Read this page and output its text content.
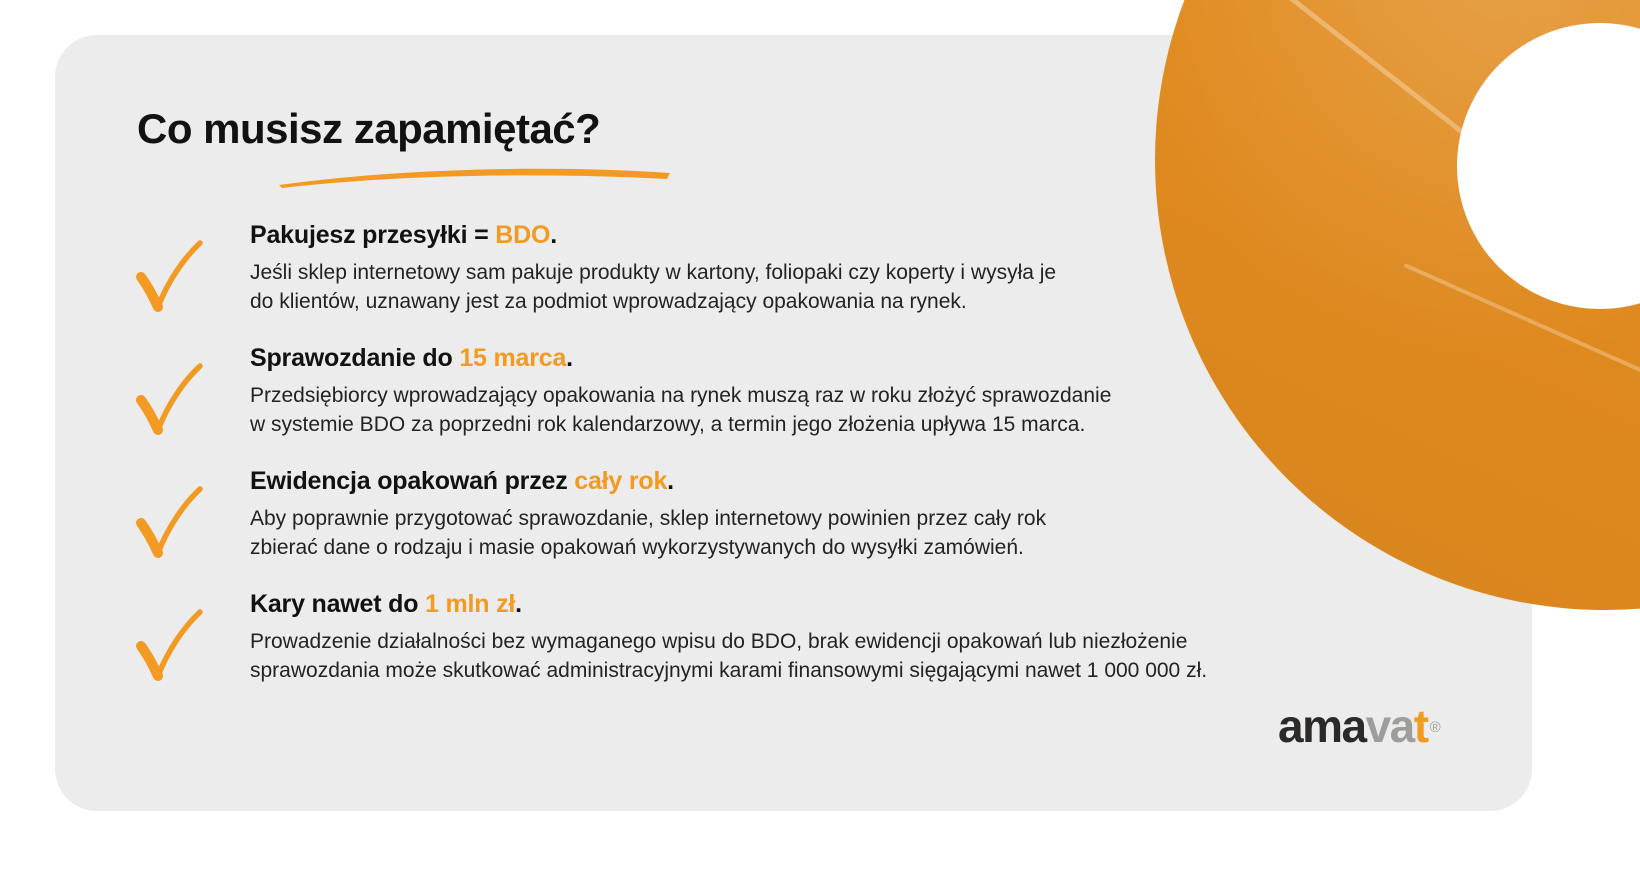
Co musisz zapamiętać?
Pakujesz przesyłki = BDO.
Jeśli sklep internetowy sam pakuje produkty w kartony, foliopaki czy koperty i wysyła je
do klientów, uznawany jest za podmiot wprowadzający opakowania na rynek.
Sprawozdanie do 15 marca.
Przedsiębiorcy wprowadzający opakowania na rynek muszą raz w roku złożyć sprawozdanie
w systemie BDO za poprzedni rok kalendarzowy, a termin jego złożenia upływa 15 marca.
Ewidencja opakowań przez cały rok.
Aby poprawnie przygotować sprawozdanie, sklep internetowy powinien przez cały rok
zbierać dane o rodzaju i masie opakowań wykorzystywanych do wysyłki zamówień.
Kary nawet do 1 mln zł.
Prowadzenie działalności bez wymaganego wpisu do BDO, brak ewidencji opakowań lub niezłożenie
sprawozdania może skutkować administracyjnymi karami finansowymi sięgającymi nawet 1 000 000 zł.
amavat ®
